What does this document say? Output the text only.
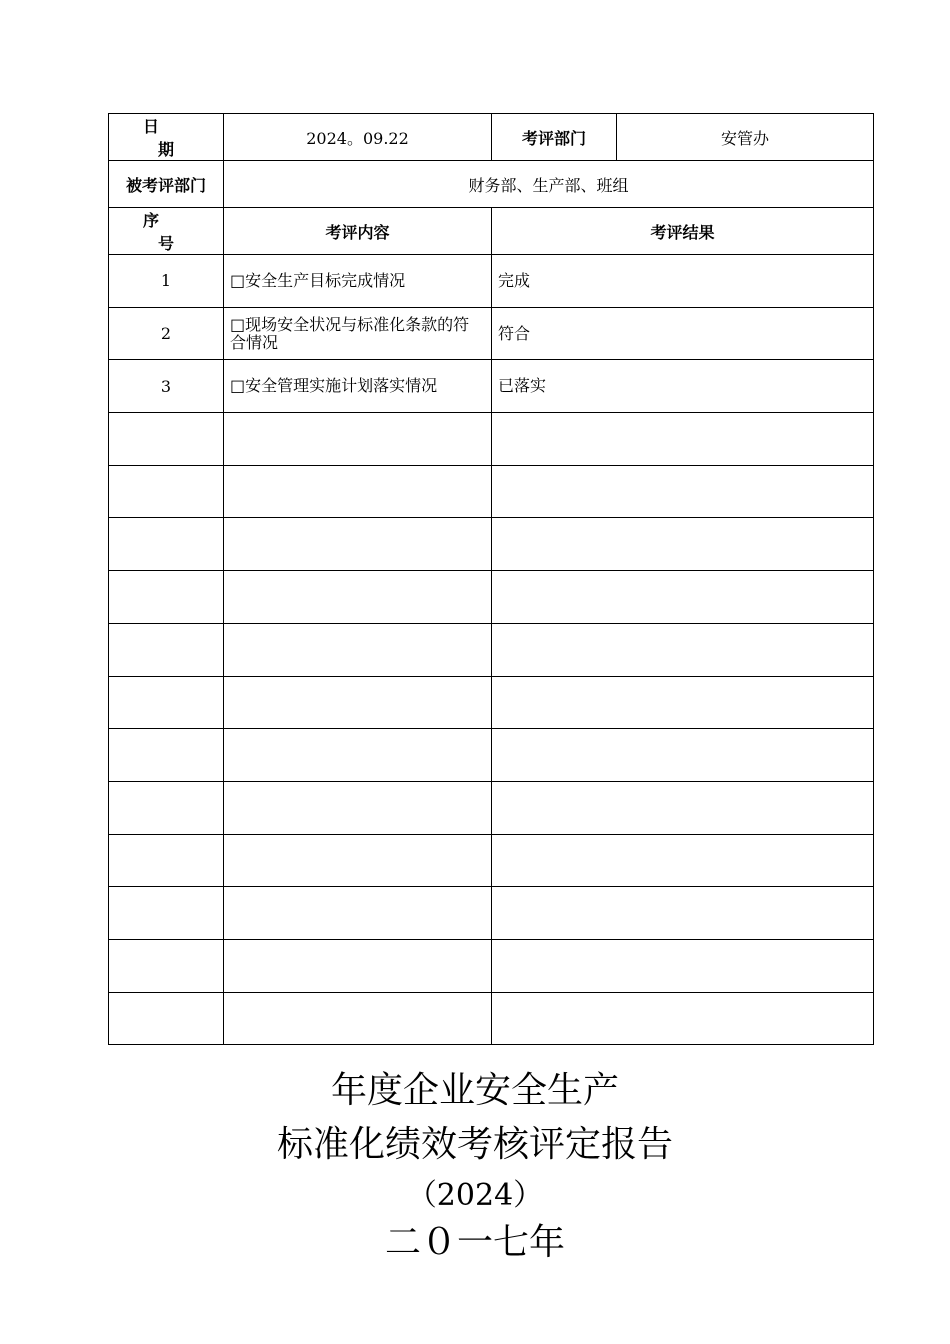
日 期	2024。09.22	考评部门	安管办
被考评部门	财务部、生产部、班组		
序 号	考评内容	考评结果	
1	□安全生产目标完成情况	完成	
2	□现场安全状况与标准化条款的符合情况	符合	
3	□安全管理实施计划落实情况	已落实	

年度企业安全生产
标准化绩效考核评定报告
（2024）
二０一七年
